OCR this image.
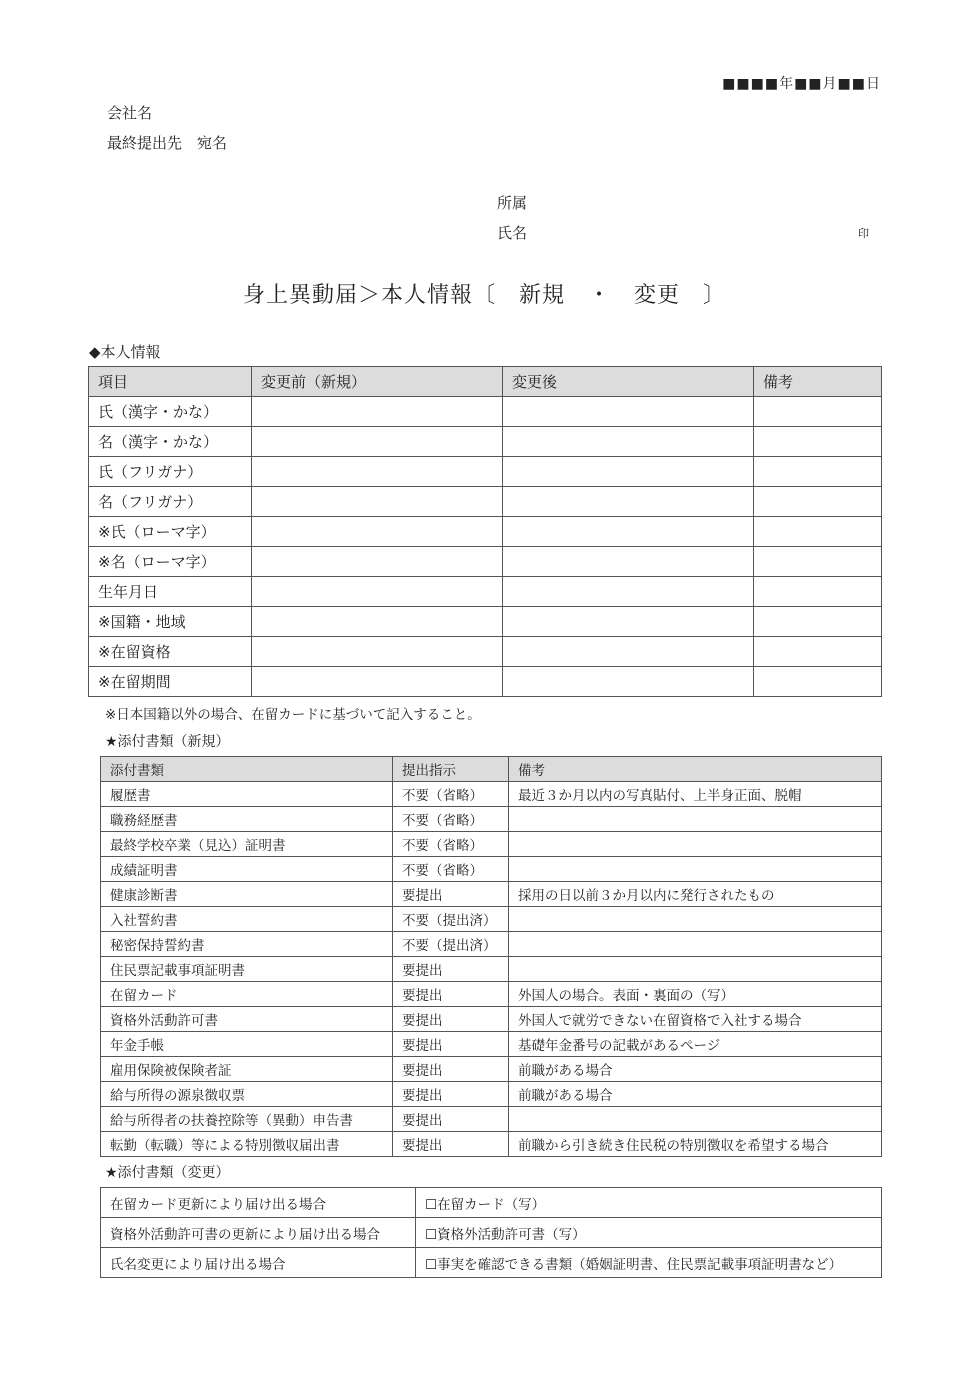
■■■■年■■月■■日
会社名
最終提出先　宛名
所属
氏名	印
身上異動届＞本人情報〔　新規　・　変更　〕
◆本人情報
項目	変更前（新規）	変更後	備考
氏（漢字・かな）			
名（漢字・かな）			
氏（フリガナ）			
名（フリガナ）			
※氏（ローマ字）			
※名（ローマ字）			
生年月日			
※国籍・地域			
※在留資格			
※在留期間			
※日本国籍以外の場合、在留カードに基づいて記入すること。
★添付書類（新規）
添付書類	提出指示	備考
履歴書	不要（省略）	最近３か月以内の写真貼付、上半身正面、脱帽
職務経歴書	不要（省略）	
最終学校卒業（見込）証明書	不要（省略）	
成績証明書	不要（省略）	
健康診断書	要提出	採用の日以前３か月以内に発行されたもの
入社誓約書	不要（提出済）	
秘密保持誓約書	不要（提出済）	
住民票記載事項証明書	要提出	
在留カード	要提出	外国人の場合。表面・裏面の（写）
資格外活動許可書	要提出	外国人で就労できない在留資格で入社する場合
年金手帳	要提出	基礎年金番号の記載があるページ
雇用保険被保険者証	要提出	前職がある場合
給与所得の源泉徴収票	要提出	前職がある場合
給与所得者の扶養控除等（異動）申告書	要提出	
転勤（転職）等による特別徴収届出書	要提出	前職から引き続き住民税の特別徴収を希望する場合
★添付書類（変更）
在留カード更新により届け出る場合	☐在留カード（写）
資格外活動許可書の更新により届け出る場合	☐資格外活動許可書（写）
氏名変更により届け出る場合	☐事実を確認できる書類（婚姻証明書、住民票記載事項証明書など）
